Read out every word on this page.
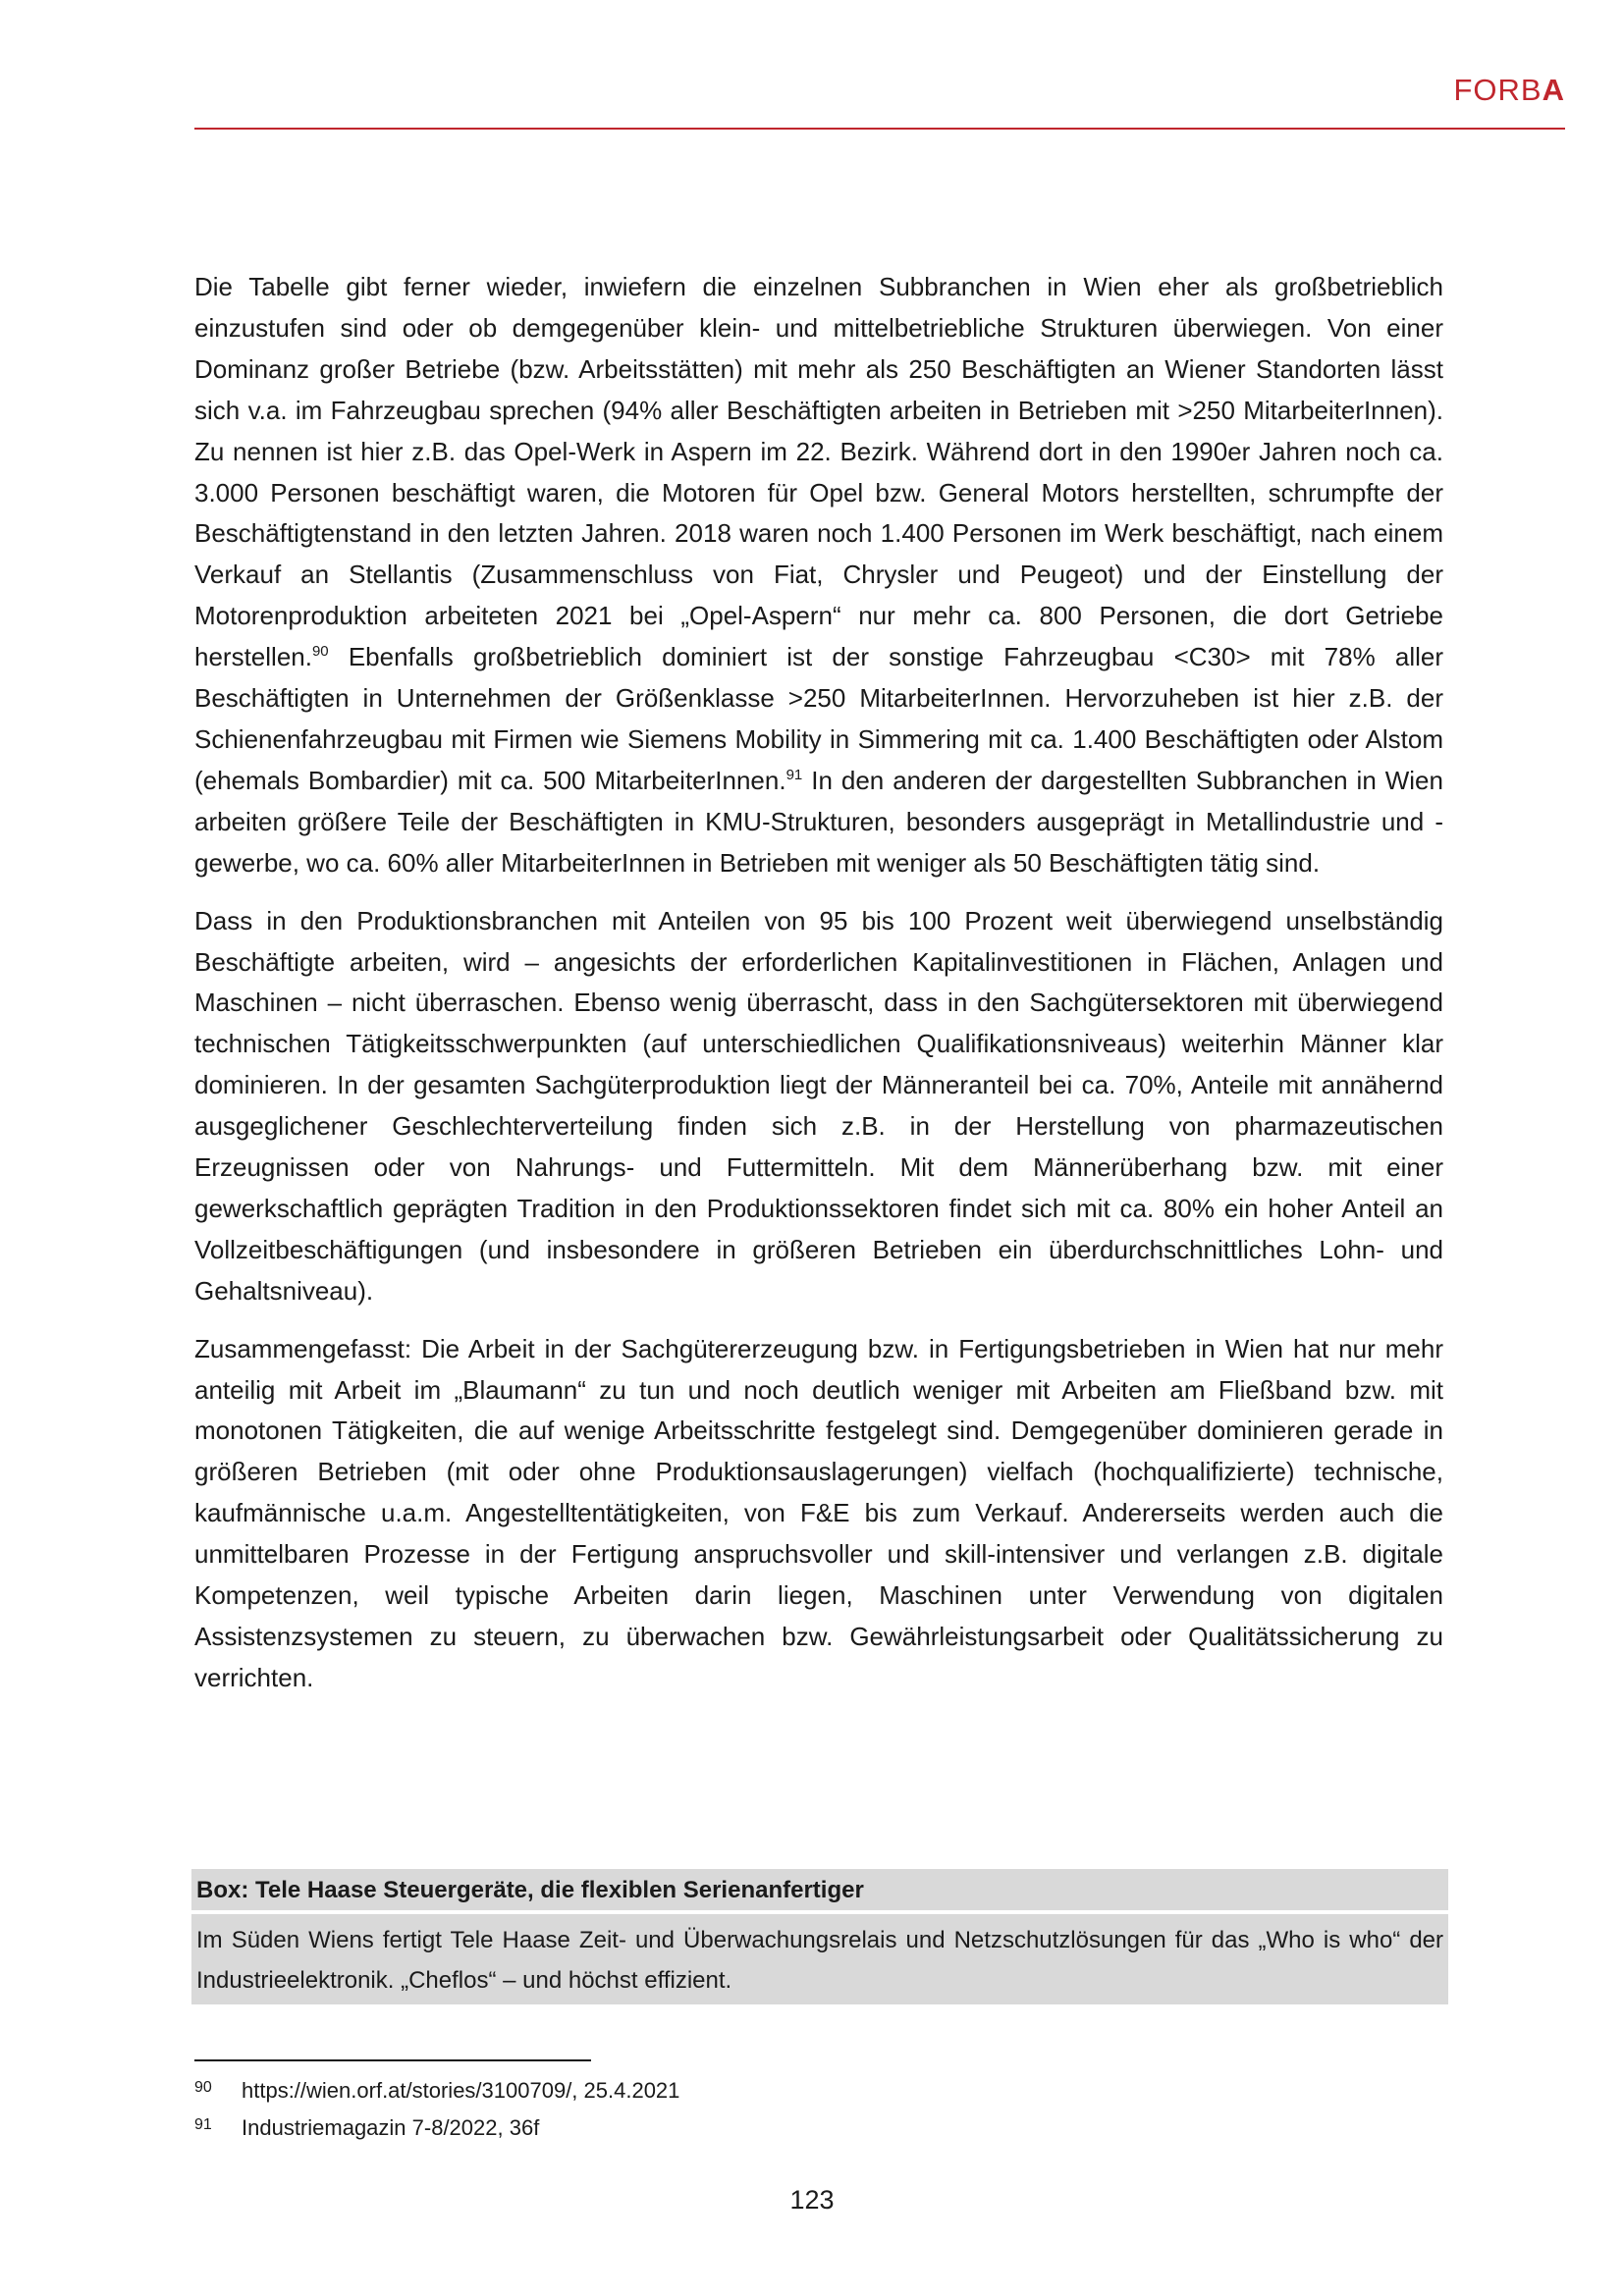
FORBA

Die Tabelle gibt ferner wieder, inwiefern die einzelnen Subbranchen in Wien eher als großbetrieblich einzustufen sind oder ob demgegenüber klein- und mittelbetriebliche Strukturen überwiegen. Von einer Dominanz großer Betriebe (bzw. Arbeitsstätten) mit mehr als 250 Beschäftigten an Wiener Standorten lässt sich v.a. im Fahrzeugbau sprechen (94% aller Beschäftigten arbeiten in Betrieben mit >250 MitarbeiterInnen). Zu nennen ist hier z.B. das Opel-Werk in Aspern im 22. Bezirk. Während dort in den 1990er Jahren noch ca. 3.000 Personen beschäftigt waren, die Motoren für Opel bzw. General Motors herstellten, schrumpfte der Beschäftigtenstand in den letzten Jahren. 2018 waren noch 1.400 Personen im Werk beschäftigt, nach einem Verkauf an Stellantis (Zusammenschluss von Fiat, Chrysler und Peugeot) und der Einstellung der Motorenproduktion arbeiteten 2021 bei „Opel-Aspern“ nur mehr ca. 800 Personen, die dort Getriebe herstellen.$^{90}$ Ebenfalls großbetrieblich dominiert ist der sonstige Fahrzeugbau <C30> mit 78% aller Beschäftigten in Unternehmen der Größenklasse >250 MitarbeiterInnen. Hervorzuheben ist hier z.B. der Schienenfahrzeugbau mit Firmen wie Siemens Mobility in Simmering mit ca. 1.400 Beschäftigten oder Alstom (ehemals Bombardier) mit ca. 500 MitarbeiterInnen.$^{91}$ In den anderen der dargestellten Subbranchen in Wien arbeiten größere Teile der Beschäftigten in KMU-Strukturen, besonders ausgeprägt in Metallindustrie und -gewerbe, wo ca. 60% aller MitarbeiterInnen in Betrieben mit weniger als 50 Beschäftigten tätig sind.

Dass in den Produktionsbranchen mit Anteilen von 95 bis 100 Prozent weit überwiegend unselbständig Beschäftigte arbeiten, wird – angesichts der erforderlichen Kapitalinvestitionen in Flächen, Anlagen und Maschinen – nicht überraschen. Ebenso wenig überrascht, dass in den Sachgütersektoren mit überwiegend technischen Tätigkeitsschwerpunkten (auf unterschiedlichen Qualifikationsniveaus) weiterhin Männer klar dominieren. In der gesamten Sachgüterproduktion liegt der Männeranteil bei ca. 70%, Anteile mit annähernd ausgeglichener Geschlechterverteilung finden sich z.B. in der Herstellung von pharmazeutischen Erzeugnissen oder von Nahrungs- und Futtermitteln. Mit dem Männerüberhang bzw. mit einer gewerkschaftlich geprägten Tradition in den Produktionssektoren findet sich mit ca. 80% ein hoher Anteil an Vollzeitbeschäftigungen (und insbesondere in größeren Betrieben ein überdurchschnittliches Lohn- und Gehaltsniveau).

Zusammengefasst: Die Arbeit in der Sachgütererzeugung bzw. in Fertigungsbetrieben in Wien hat nur mehr anteilig mit Arbeit im „Blaumann“ zu tun und noch deutlich weniger mit Arbeiten am Fließband bzw. mit monotonen Tätigkeiten, die auf wenige Arbeitsschritte festgelegt sind. Demgegenüber dominieren gerade in größeren Betrieben (mit oder ohne Produktionsauslagerungen) vielfach (hochqualifizierte) technische, kaufmännische u.a.m. Angestelltentätigkeiten, von F&E bis zum Verkauf. Andererseits werden auch die unmittelbaren Prozesse in der Fertigung anspruchsvoller und skill-intensiver und verlangen z.B. digitale Kompetenzen, weil typische Arbeiten darin liegen, Maschinen unter Verwendung von digitalen Assistenzsystemen zu steuern, zu überwachen bzw. Gewährleistungsarbeit oder Qualitätssicherung zu verrichten.

Box: Tele Haase Steuergeräte, die flexiblen Serienanfertiger
Im Süden Wiens fertigt Tele Haase Zeit- und Überwachungsrelais und Netzschutzlösungen für das „Who is who“ der Industrieelektronik. „Cheflos“ – und höchst effizient.
90 https://wien.orf.at/stories/3100709/, 25.4.2021
91 Industriemagazin 7-8/2022, 36f
123
